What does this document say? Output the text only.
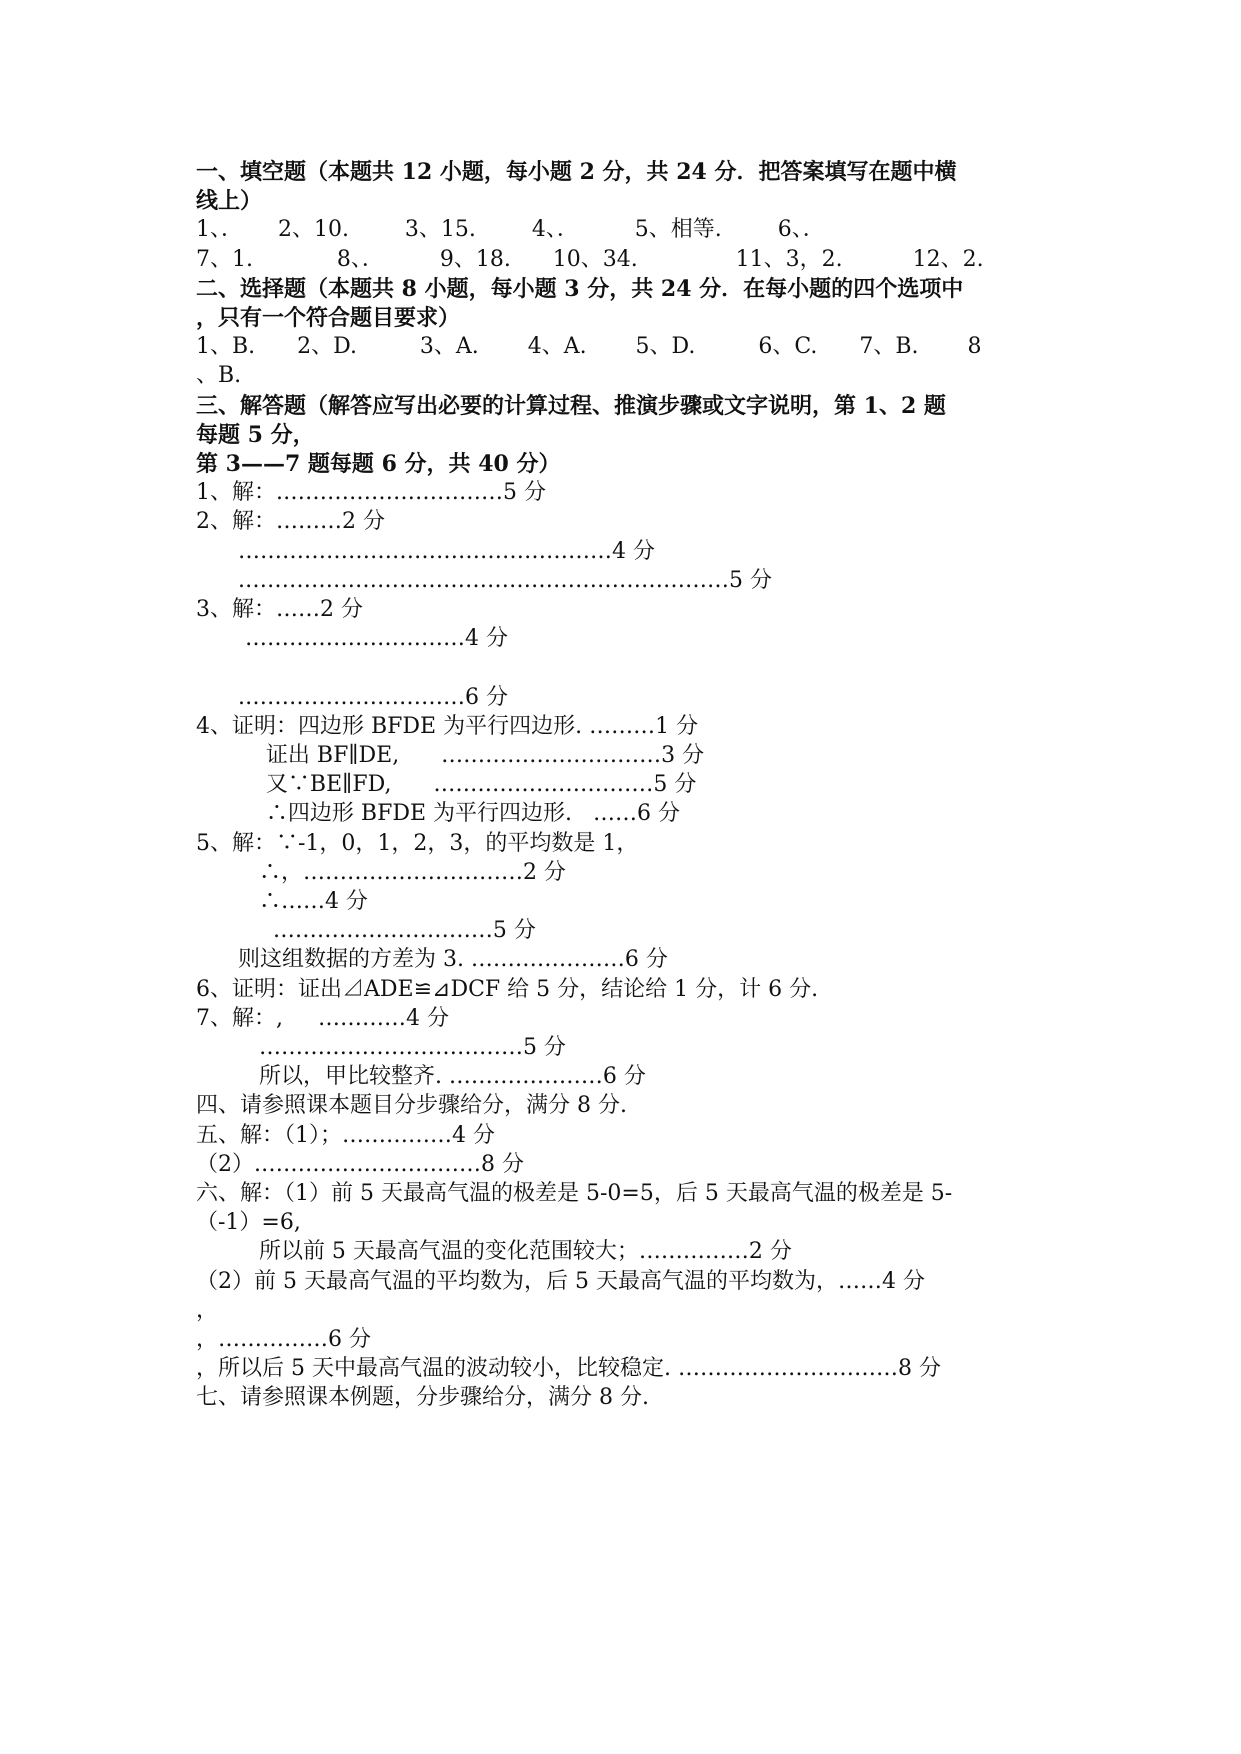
一、填空题（本题共 12 小题，每小题 2 分，共 24 分．把答案填写在题中横
线上）
1、．     2、10.        3、15.        4、．        5、相等.        6、．
7、1.            8、．        9、18.      10、34.              11、3，2.          12、2.
二、选择题（本题共 8 小题，每小题 3 分，共 24 分．在每小题的四个选项中
，只有一个符合题目要求）
1、B.      2、D.         3、A.       4、A.       5、D.         6、C.      7、B.       8
、B.
三、解答题（解答应写出必要的计算过程、推演步骤或文字说明，第 1、2 题
每题 5 分，
第 3——7 题每题 6 分，共 40 分）
1、解：.…………………………5 分
2、解：………2 分
……………………………………………4 分
.…………………………………………………………5 分
3、解：……2 分
…………………………4 分
.…………………………6 分
4、证明：四边形 BFDE 为平行四边形. ………1 分
证出 BF∥DE,      …………………………3 分
又∵BE∥FD,      …………………………5 分
∴四边形 BFDE 为平行四边形.   ……6 分
5、解：∵-1，0，1，2，3，的平均数是 1，
∴，…………………………2 分
∴……4 分
…………………………5 分
则这组数据的方差为 3. …………………6 分
6、证明：证出⊿ADE≌⊿DCF 给 5 分，结论给 1 分，计 6 分.
7、解：,     …………4 分
………………………………5 分
所以，甲比较整齐. …………………6 分
四、请参照课本题目分步骤给分，满分 8 分.
五、解：（1）；……………4 分
（2）.…………………………8 分
六、解：（1）前 5 天最高气温的极差是 5-0=5，后 5 天最高气温的极差是 5-
（-1）=6,
所以前 5 天最高气温的变化范围较大；……………2 分
（2）前 5 天最高气温的平均数为，后 5 天最高气温的平均数为，……4 分
，
，……………6 分
，所以后 5 天中最高气温的波动较小，比较稳定. …………………………8 分
七、请参照课本例题，分步骤给分，满分 8 分.
